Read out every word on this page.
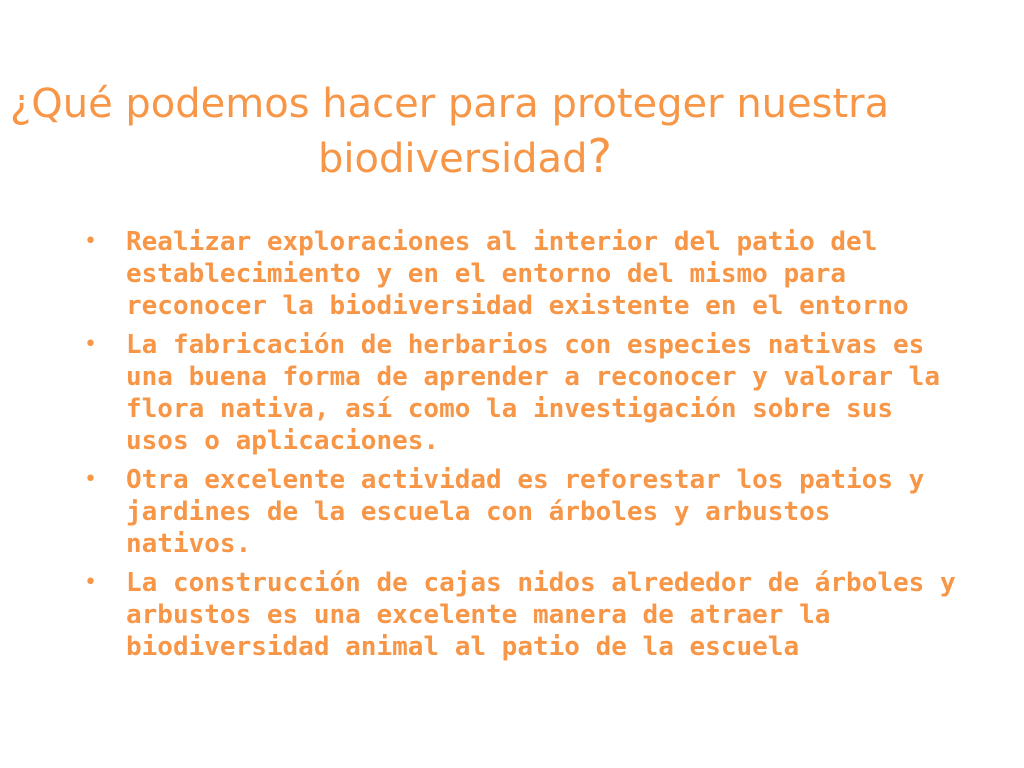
¿Qué podemos hacer para proteger nuestra
biodiversidad?
• Realizar exploraciones al interior del patio del establecimiento y en el entorno del mismo para reconocer la biodiversidad existente en el entorno
• La fabricación de herbarios con especies nativas es una buena forma de aprender a reconocer y valorar la flora nativa, así como la investigación sobre sus usos o aplicaciones.
• Otra excelente actividad es reforestar los patios y jardines de la escuela con árboles y arbustos nativos.
• La construcción de cajas nidos alrededor de árboles y arbustos es una excelente manera de atraer la biodiversidad animal al patio de la escuela
